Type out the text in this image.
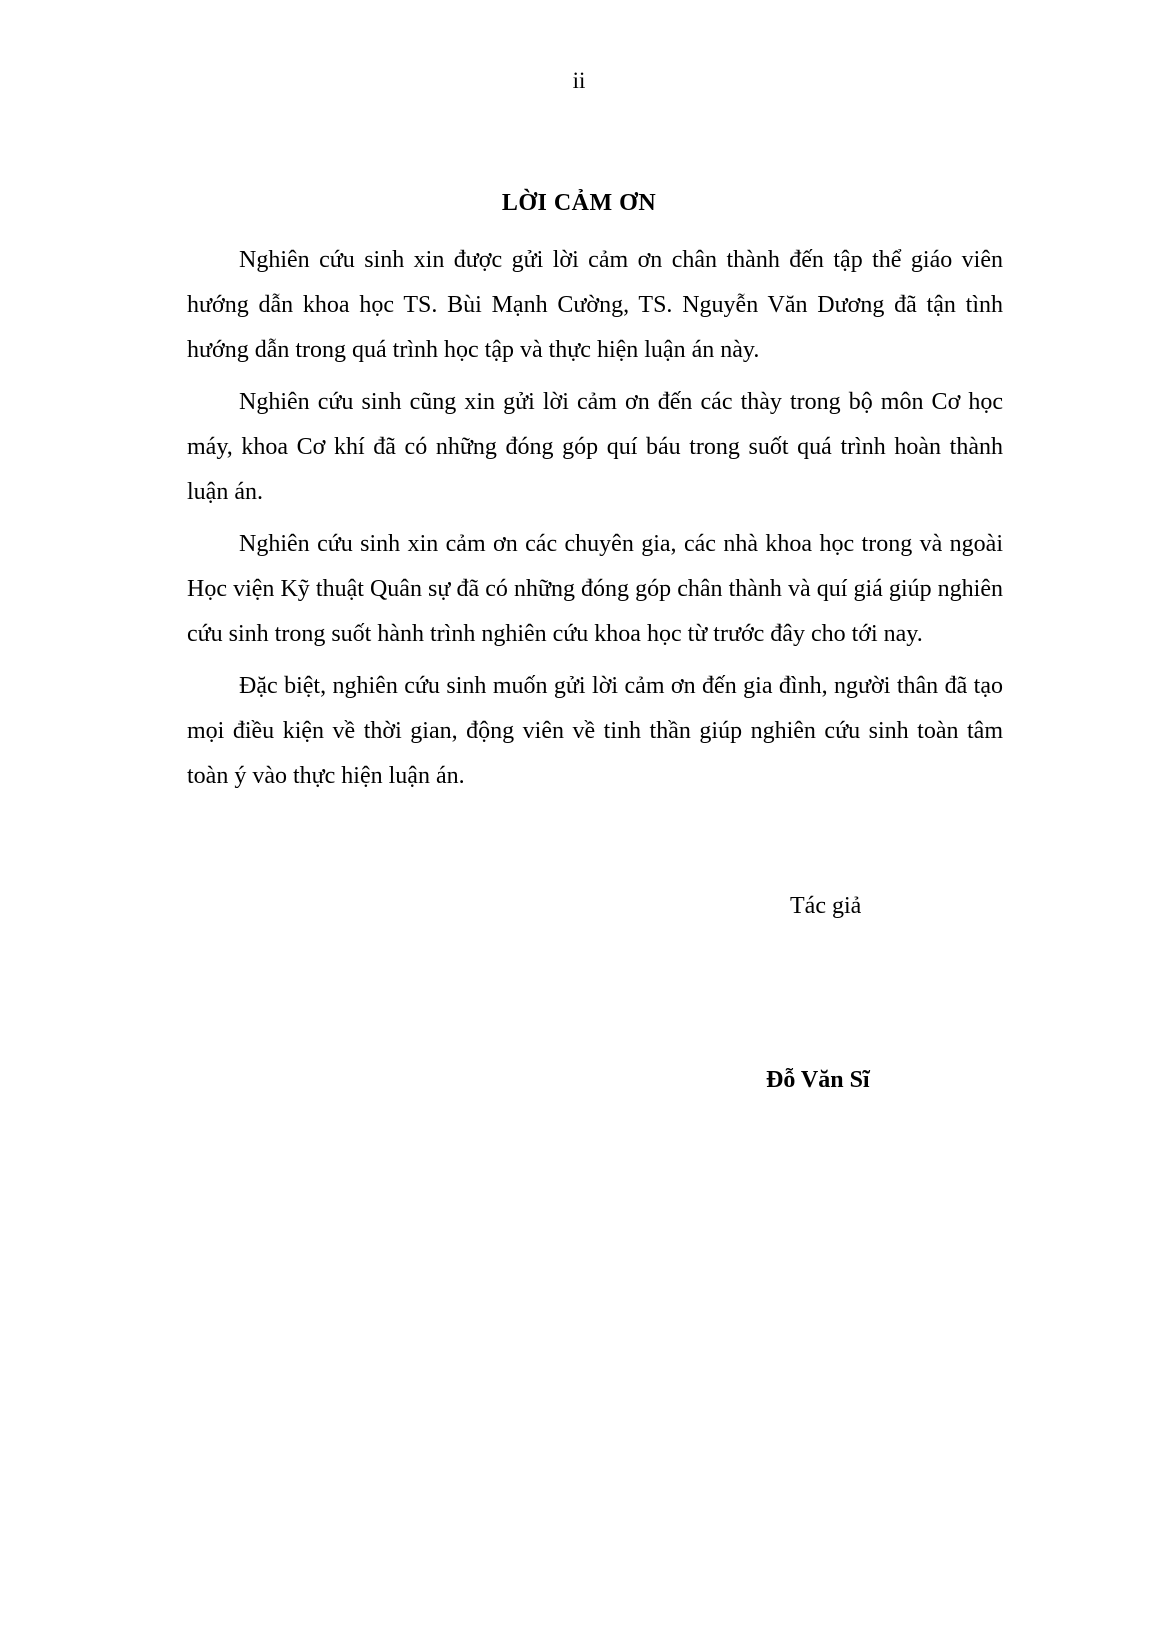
ii
LỜI CẢM ƠN

Nghiên cứu sinh xin được gửi lời cảm ơn chân thành đến tập thể giáo viên hướng dẫn khoa học TS. Bùi Mạnh Cường, TS. Nguyễn Văn Dương đã tận tình hướng dẫn trong quá trình học tập và thực hiện luận án này.

Nghiên cứu sinh cũng xin gửi lời cảm ơn đến các thày trong bộ môn Cơ học máy, khoa Cơ khí đã có những đóng góp quí báu trong suốt quá trình hoàn thành luận án.

Nghiên cứu sinh xin cảm ơn các chuyên gia, các nhà khoa học trong và ngoài Học viện Kỹ thuật Quân sự đã có những đóng góp chân thành và quí giá giúp nghiên cứu sinh trong suốt hành trình nghiên cứu khoa học từ trước đây cho tới nay.

Đặc biệt, nghiên cứu sinh muốn gửi lời cảm ơn đến gia đình, người thân đã tạo mọi điều kiện về thời gian, động viên về tinh thần giúp nghiên cứu sinh toàn tâm toàn ý vào thực hiện luận án.

Tác giả
Đỗ Văn Sĩ
